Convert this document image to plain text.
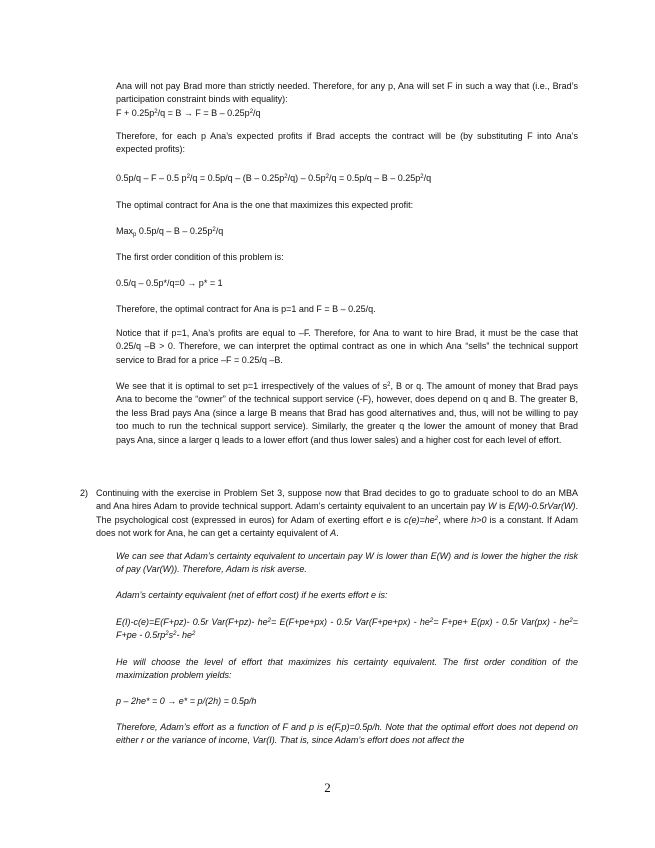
Ana will not pay Brad more than strictly needed. Therefore, for any p, Ana will set F in such a way that (i.e., Brad’s participation constraint binds with equality):

$F + 0.25p^2/q = B \to F = B - 0.25p^2/q$

Therefore, for each p Ana’s expected profits if Brad accepts the contract will be (by substituting F into Ana’s expected profits):

0.5p/q – F – 0.5 $p^2/q = 0.5p/q - (B - 0.25p^2/q) - 0.5p^2/q = 0.5p/q - B - 0.25p^2/q$

The optimal contract for Ana is the one that maximizes this expected profit:

Max$_p$ 0.5p/q – B – $0.25p^2/q$

The first order condition of this problem is:

0.5/q – 0.5p*/q=0 → p* = 1

Therefore, the optimal contract for Ana is p=1 and F = B – 0.25/q.

Notice that if p=1, Ana’s profits are equal to –F. Therefore, for Ana to want to hire Brad, it must be the case that 0.25/q –B > 0. Therefore, we can interpret the optimal contract as one in which Ana “sells” the technical support service to Brad for a price –F = 0.25/q –B.

We see that it is optimal to set p=1 irrespectively of the values of $s^2$, B or q. The amount of money that Brad pays Ana to become the “owner” of the technical support service (-F), however, does depend on q and B. The greater B, the less Brad pays Ana (since a large B means that Brad has good alternatives and, thus, will not be willing to pay too much to run the technical support service). Similarly, the greater q the lower the amount of money that Brad pays Ana, since a larger q leads to a lower effort (and thus lower sales) and a higher cost for each level of effort.

2) Continuing with the exercise in Problem Set 3, suppose now that Brad decides to go to graduate school to do an MBA and Ana hires Adam to provide technical support. Adam’s certainty equivalent to an uncertain pay W is E(W)-0.5rVar(W). The psychological cost (expressed in euros) for Adam of exerting effort e is $c(e)=he^2$, where h>0 is a constant. If Adam does not work for Ana, he can get a certainty equivalent of A.

We can see that Adam’s certainty equivalent to uncertain pay W is lower than E(W) and is lower the higher the risk of pay (Var(W)). Therefore, Adam is risk averse.

Adam’s certainty equivalent (net of effort cost) if he exerts effort e is:

E(I)-c(e)=E(F+pz)- 0.5r Var(F+pz)- $he^2= E(F+pe+px) - 0.5r$ $Var(F+pe+px) - he^2= F+pe+ E(px) - 0.5r$ $Var(px) - he^2= F+pe - 0.5rp^2s^2-$ $he^2$

He will choose the level of effort that maximizes his certainty equivalent. The first order condition of the maximization problem yields:

p – 2he* = 0 → e* = p/(2h) = 0.5p/h

Therefore, Adam’s effort as a function of F and p is e(F,p)=0.5p/h. Note that the optimal effort does not depend on either r or the variance of income, Var(I). That is, since Adam’s effort does not affect the

2
